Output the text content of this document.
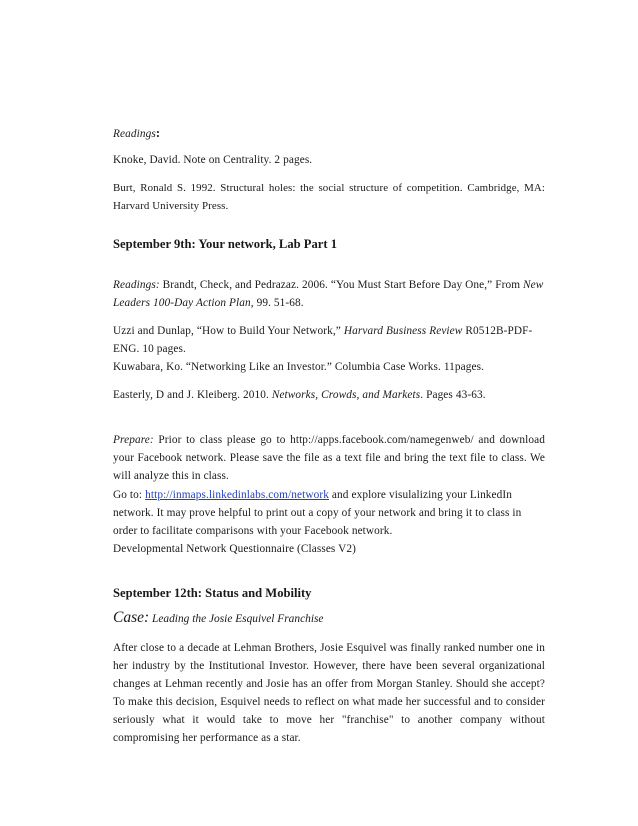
Readings:
Knoke, David. Note on Centrality. 2 pages.
Burt, Ronald S. 1992. Structural holes: the social structure of competition. Cambridge, MA: Harvard University Press.
September 9th: Your network, Lab Part 1
Readings: Brandt, Check, and Pedrazaz. 2006. “You Must Start Before Day One,” From New Leaders 100-Day Action Plan, 99. 51-68.
Uzzi and Dunlap, “How to Build Your Network,” Harvard Business Review R0512B-PDF-ENG. 10 pages.
Kuwabara, Ko. “Networking Like an Investor.” Columbia Case Works. 11pages.
Easterly, D and J. Kleiberg. 2010. Networks, Crowds, and Markets. Pages 43-63.
Prepare: Prior to class please go to http://apps.facebook.com/namegenweb/ and download your Facebook network. Please save the file as a text file and bring the text file to class. We will analyze this in class.
Go to: http://inmaps.linkedinlabs.com/network and explore visulalizing your LinkedIn network. It may prove helpful to print out a copy of your network and bring it to class in order to facilitate comparisons with your Facebook network.
Developmental Network Questionnaire (Classes V2)
September 12th: Status and Mobility
Case: Leading the Josie Esquivel Franchise
After close to a decade at Lehman Brothers, Josie Esquivel was finally ranked number one in her industry by the Institutional Investor. However, there have been several organizational changes at Lehman recently and Josie has an offer from Morgan Stanley. Should she accept? To make this decision, Esquivel needs to reflect on what made her successful and to consider seriously what it would take to move her "franchise" to another company without compromising her performance as a star.
